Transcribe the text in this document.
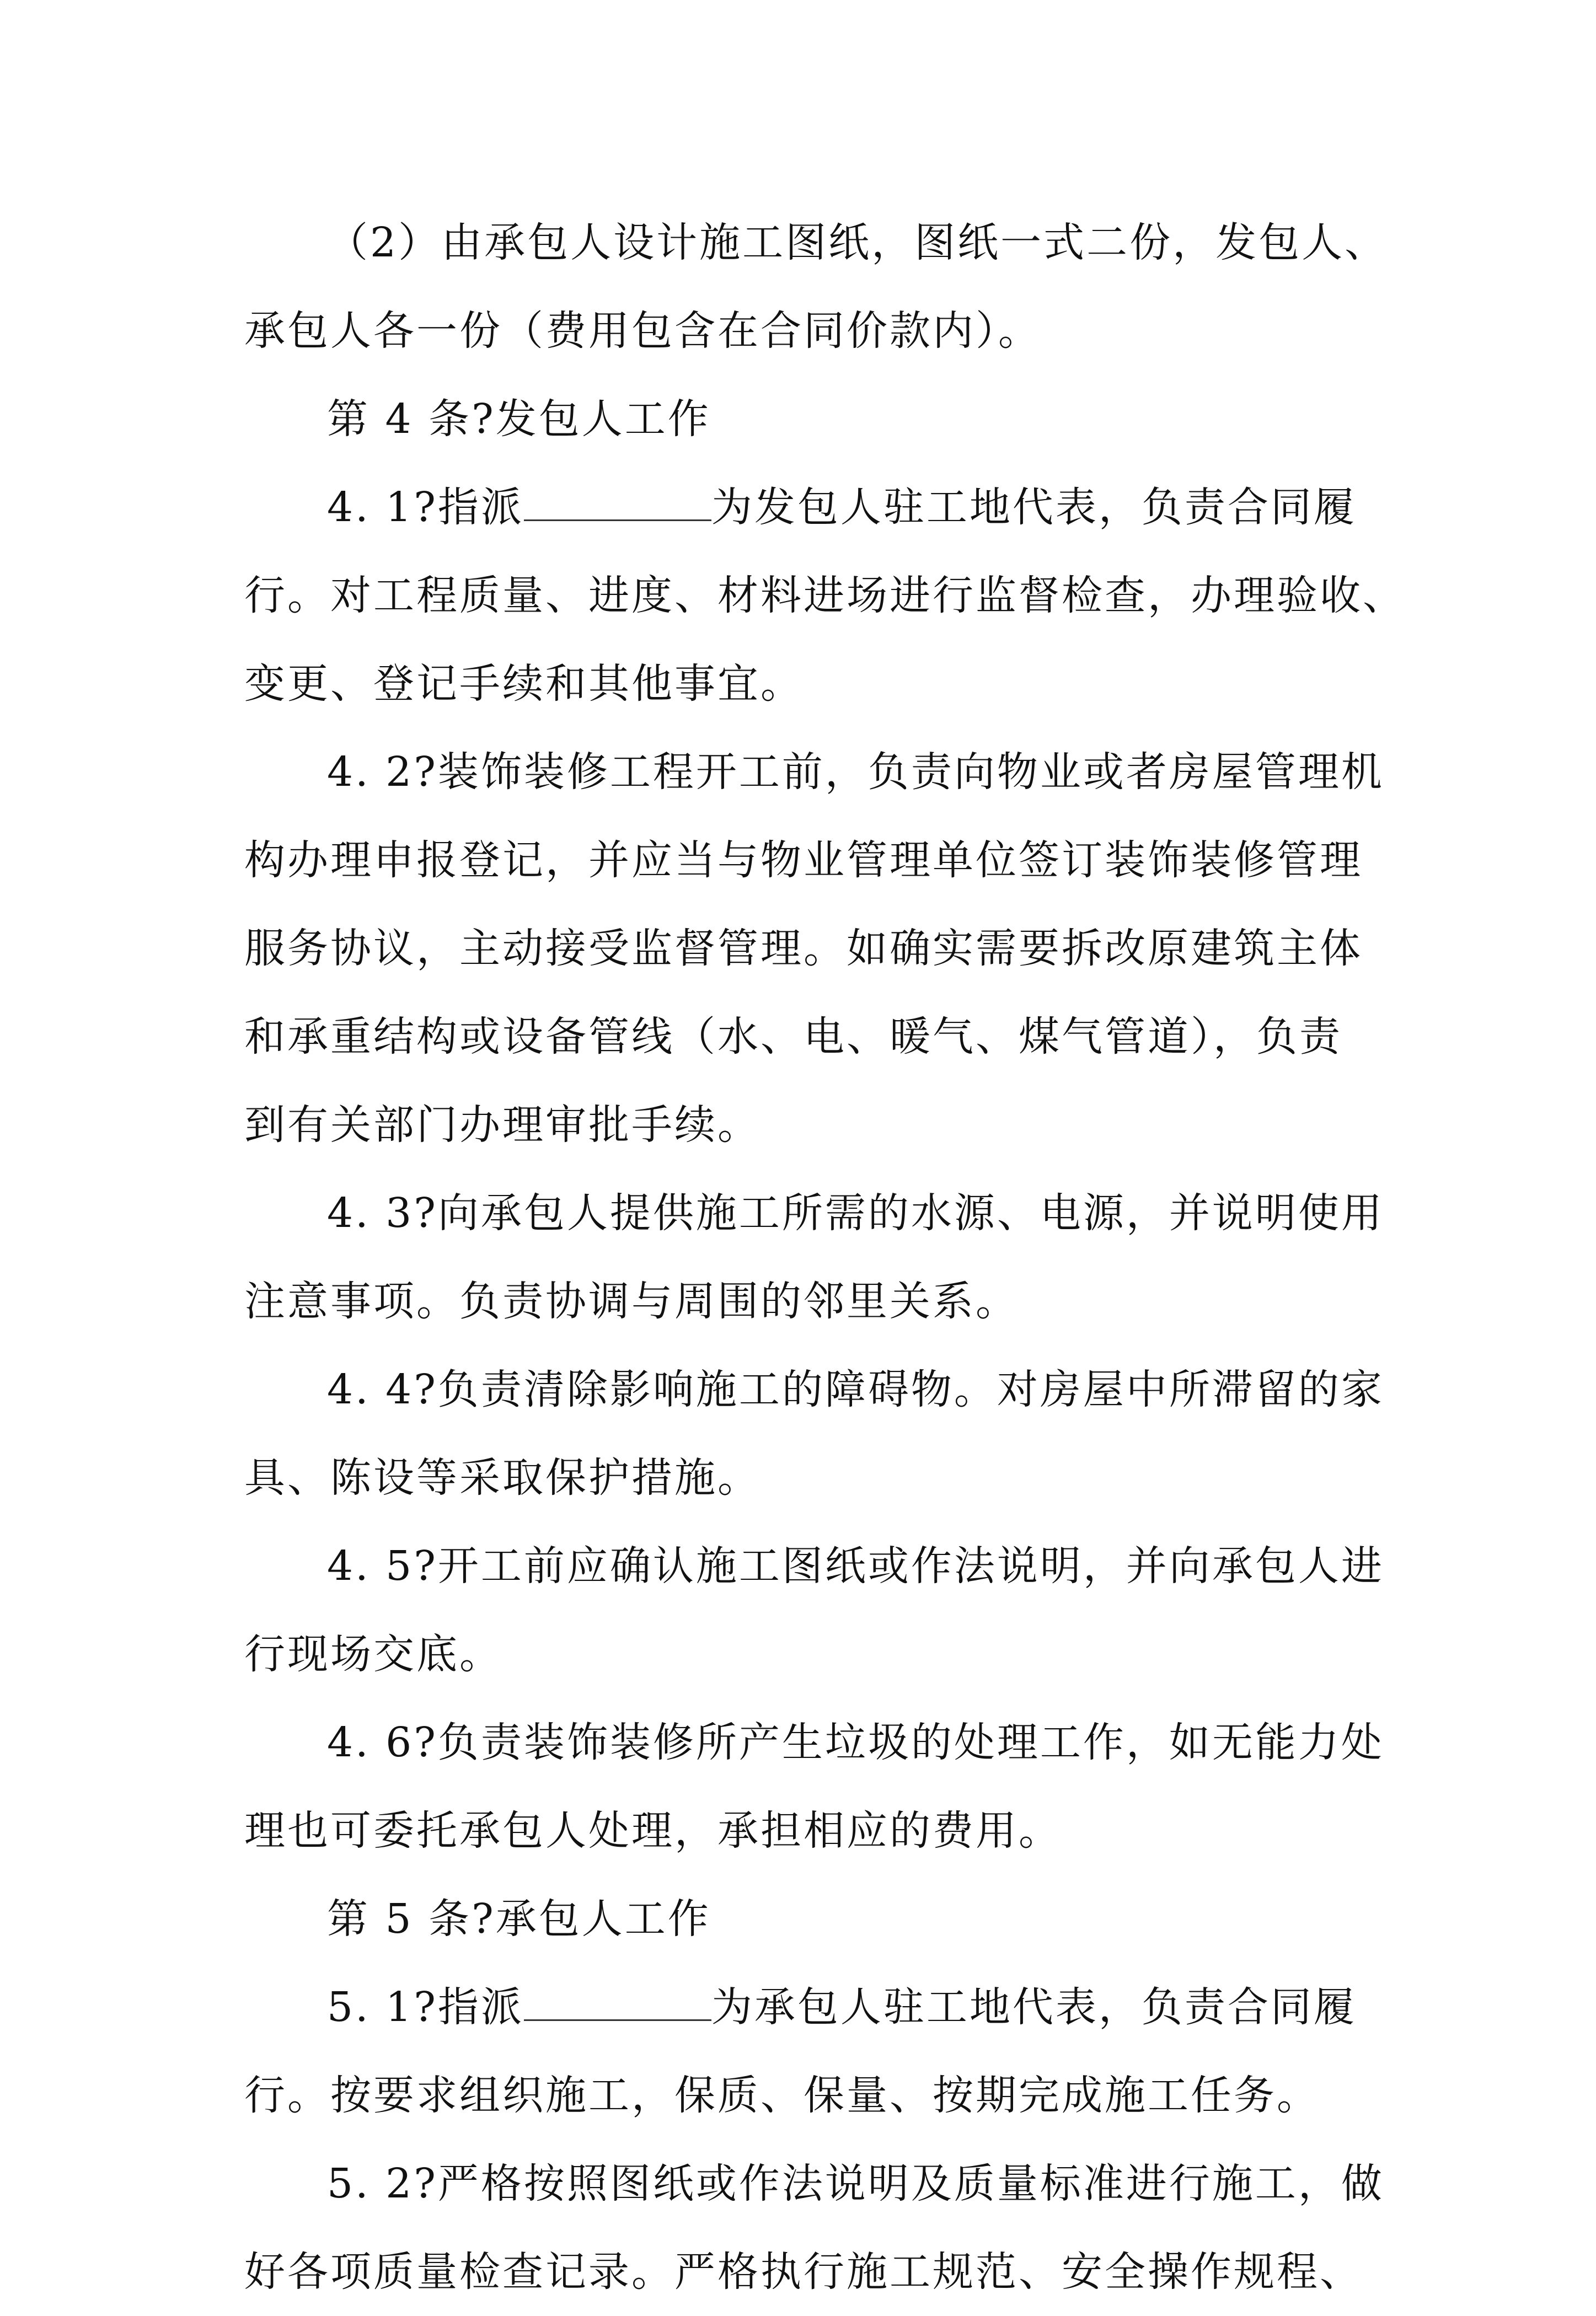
（2）由承包人设计施工图纸，图纸一式二份，发包人、
承包人各一份（费用包含在合同价款内）。
第 4 条?发包人工作
4. 1?指派	为发包人驻工地代表，负责合同履
行。对工程质量、进度、材料进场进行监督检查，办理验收、
变更、登记手续和其他事宜。
4. 2?装饰装修工程开工前，负责向物业或者房屋管理机
构办理申报登记，并应当与物业管理单位签订装饰装修管理
服务协议，主动接受监督管理。如确实需要拆改原建筑主体
和承重结构或设备管线（水、电、暖气、煤气管道），负责
到有关部门办理审批手续。
4. 3?向承包人提供施工所需的水源、电源，并说明使用
注意事项。负责协调与周围的邻里关系。
4. 4?负责清除影响施工的障碍物。对房屋中所滞留的家
具、陈设等采取保护措施。
4. 5?开工前应确认施工图纸或作法说明，并向承包人进
行现场交底。
4. 6?负责装饰装修所产生垃圾的处理工作，如无能力处
理也可委托承包人处理，承担相应的费用。
第 5 条?承包人工作
5. 1?指派	为承包人驻工地代表，负责合同履
行。按要求组织施工，保质、保量、按期完成施工任务。
5. 2?严格按照图纸或作法说明及质量标准进行施工，做
好各项质量检查记录。严格执行施工规范、安全操作规程、
